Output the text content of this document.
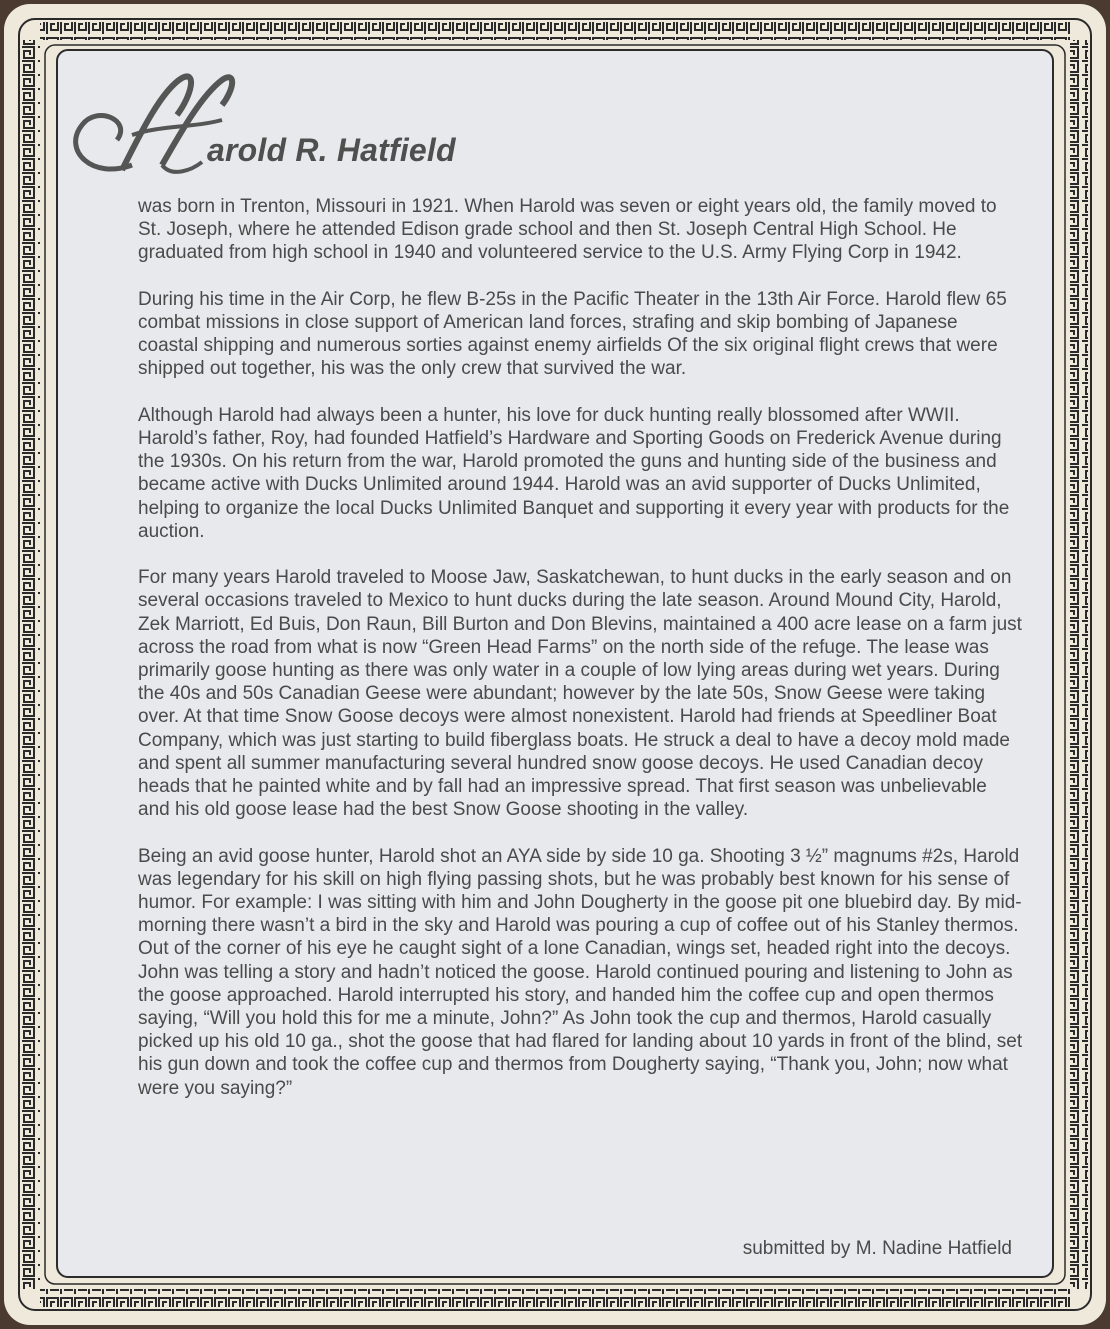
arold R. Hatfield

was born in Trenton, Missouri in 1921. When Harold was seven or eight years old, the family moved to St. Joseph, where he attended Edison grade school and then St. Joseph Central High School. He graduated from high school in 1940 and volunteered service to the U.S. Army Flying Corp in 1942.

During his time in the Air Corp, he flew B-25s in the Pacific Theater in the 13th Air Force. Harold flew 65 combat missions in close support of American land forces, strafing and skip bombing of Japanese coastal shipping and numerous sorties against enemy airfields Of the six original flight crews that were shipped out together, his was the only crew that survived the war.

Although Harold had always been a hunter, his love for duck hunting really blossomed after WWII. Harold’s father, Roy, had founded Hatfield’s Hardware and Sporting Goods on Frederick Avenue during the 1930s. On his return from the war, Harold promoted the guns and hunting side of the business and became active with Ducks Unlimited around 1944. Harold was an avid supporter of Ducks Unlimited, helping to organize the local Ducks Unlimited Banquet and supporting it every year with products for the auction.

For many years Harold traveled to Moose Jaw, Saskatchewan, to hunt ducks in the early season and on several occasions traveled to Mexico to hunt ducks during the late season. Around Mound City, Harold, Zek Marriott, Ed Buis, Don Raun, Bill Burton and Don Blevins, maintained a 400 acre lease on a farm just across the road from what is now “Green Head Farms” on the north side of the refuge. The lease was primarily goose hunting as there was only water in a couple of low lying areas during wet years. During the 40s and 50s Canadian Geese were abundant; however by the late 50s, Snow Geese were taking over. At that time Snow Goose decoys were almost nonexistent. Harold had friends at Speedliner Boat Company, which was just starting to build fiberglass boats. He struck a deal to have a decoy mold made and spent all summer manufacturing several hundred snow goose decoys. He used Canadian decoy heads that he painted white and by fall had an impressive spread. That first season was unbelievable and his old goose lease had the best Snow Goose shooting in the valley.

Being an avid goose hunter, Harold shot an AYA side by side 10 ga. Shooting 3 ½” magnums #2s, Harold was legendary for his skill on high flying passing shots, but he was probably best known for his sense of humor. For example: I was sitting with him and John Dougherty in the goose pit one bluebird day. By mid-morning there wasn’t a bird in the sky and Harold was pouring a cup of coffee out of his Stanley thermos. Out of the corner of his eye he caught sight of a lone Canadian, wings set, headed right into the decoys. John was telling a story and hadn’t noticed the goose. Harold continued pouring and listening to John as the goose approached. Harold interrupted his story, and handed him the coffee cup and open thermos saying, “Will you hold this for me a minute, John?” As John took the cup and thermos, Harold casually picked up his old 10 ga., shot the goose that had flared for landing about 10 yards in front of the blind, set his gun down and took the coffee cup and thermos from Dougherty saying, “Thank you, John; now what were you saying?”

submitted by M. Nadine Hatfield
